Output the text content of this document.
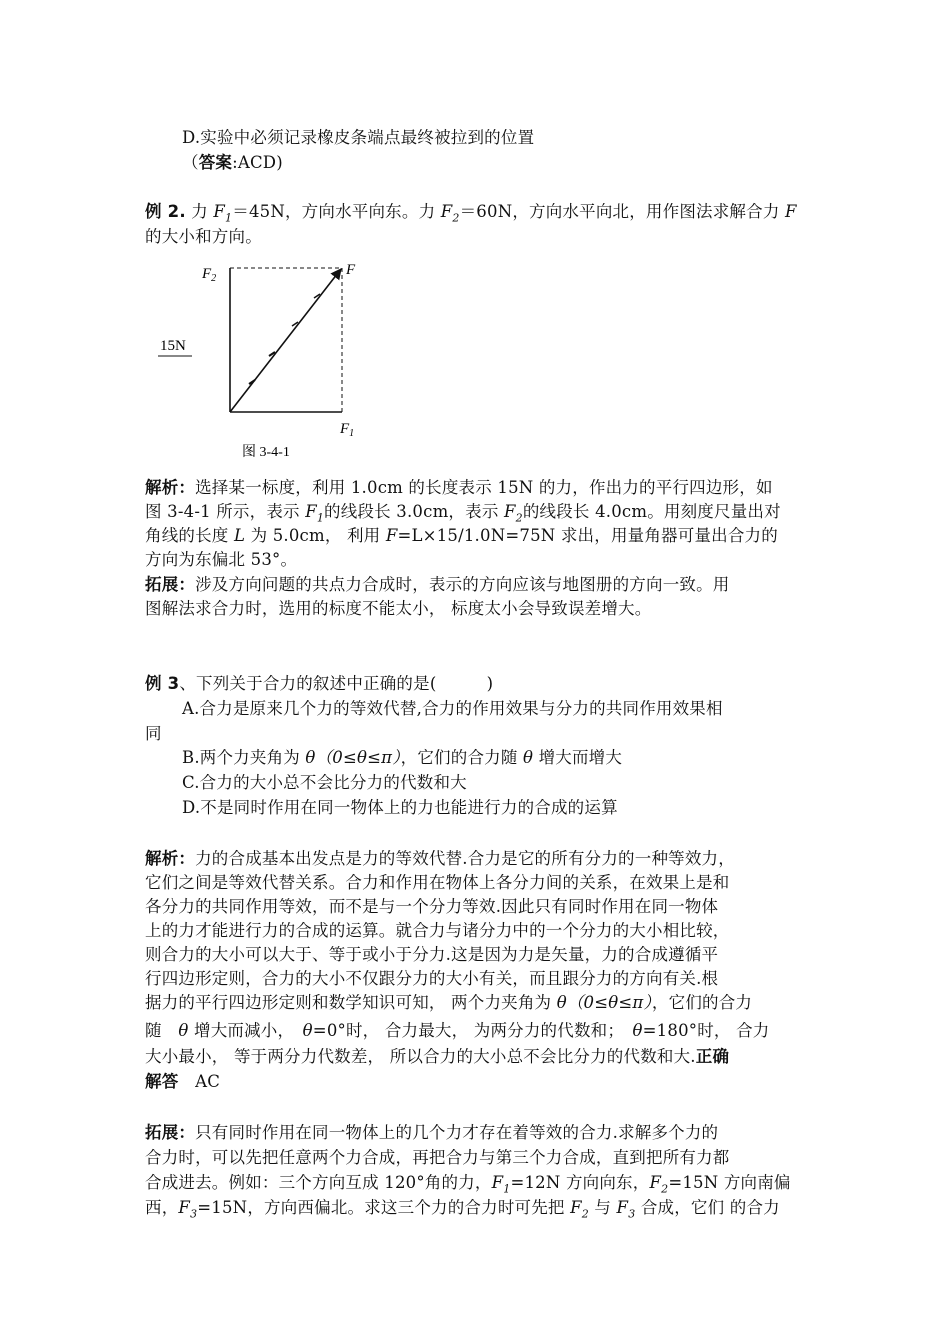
D.实验中必须记录橡皮条端点最终被拉到的位置
（答案:ACD)
例 2. 力 $F_1=45N$，方向水平向东。力 $F_2=60N$，方向水平向北，用作图法求解合力 F
的大小和方向。
$F_2$
F
15N
$F_1$
图 3-4-1
解析：选择某一标度，利用 1.0cm 的长度表示 15N 的力，作出力的平行四边形，如
图 3-4-1 所示，表示 $F_1$的线段长 3.0cm，表示 $F_2$的线段长 4.0cm。用刻度尺量出对
角线的长度 L 为 5.0cm， 利用 F=L×15/1.0N=75N 求出，用量角器可量出合力的
方向为东偏北 53°。
拓展：涉及方向问题的共点力合成时，表示的方向应该与地图册的方向一致。用
图解法求合力时，选用的标度不能太小， 标度太小会导致误差增大。
例 3、下列关于合力的叙述中正确的是(　　　)
A.合力是原来几个力的等效代替,合力的作用效果与分力的共同作用效果相
同
B.两个力夹角为 θ（0≤θ≤π），它们的合力随 θ 增大而增大
C.合力的大小总不会比分力的代数和大
D.不是同时作用在同一物体上的力也能进行力的合成的运算
解析：力的合成基本出发点是力的等效代替.合力是它的所有分力的一种等效力，
它们之间是等效代替关系。合力和作用在物体上各分力间的关系，在效果上是和
各分力的共同作用等效，而不是与一个分力等效.因此只有同时作用在同一物体
上的力才能进行力的合成的运算。就合力与诸分力中的一个分力的大小相比较，
则合力的大小可以大于、等于或小于分力.这是因为力是矢量，力的合成遵循平
行四边形定则，合力的大小不仅跟分力的大小有关，而且跟分力的方向有关.根
据力的平行四边形定则和数学知识可知， 两个力夹角为 θ（0≤θ≤π），它们的合力
随　θ 增大而减小，　θ=0°时， 合力最大， 为两分力的代数和；　θ=180°时， 合力
大小最小， 等于两分力代数差， 所以合力的大小总不会比分力的代数和大.正确
解答　AC
拓展：只有同时作用在同一物体上的几个力才存在着等效的合力.求解多个力的
合力时，可以先把任意两个力合成，再把合力与第三个力合成，直到把所有力都
合成进去。例如：三个方向互成 120°角的力，$F_1=12N$ 方向向东，$F_2=15N$ 方向南偏
西，$F_3=15N$，方向西偏北。求这三个力的合力时可先把 $F_2$ 与 $F_3$ 合成，它们 的合力
